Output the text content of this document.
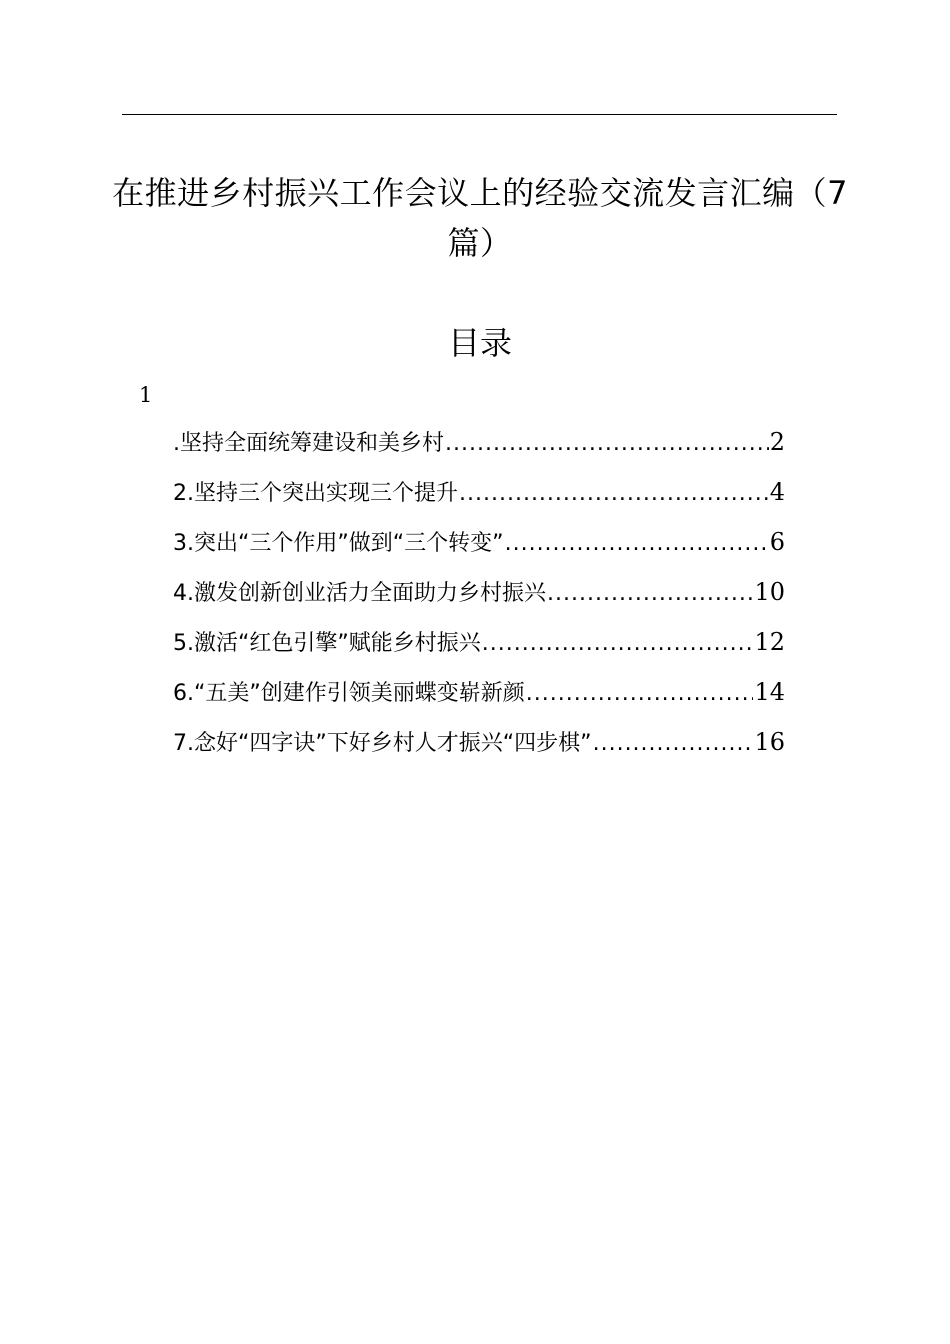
在推进乡村振兴工作会议上的经验交流发言汇编（7篇）
目录
1
.坚持全面统筹建设和美乡村 .....	2
2.坚持三个突出实现三个提升 .....	4
3.突出“三个作用”做到“三个转变” .....	6
4.激发创新创业活力全面助力乡村振兴 .....	10
5.激活“红色引擎”赋能乡村振兴 .....	12
6.“五美”创建作引领美丽蝶变崭新颜 .....	14
7.念好“四字诀”下好乡村人才振兴“四步棋” .....	16
